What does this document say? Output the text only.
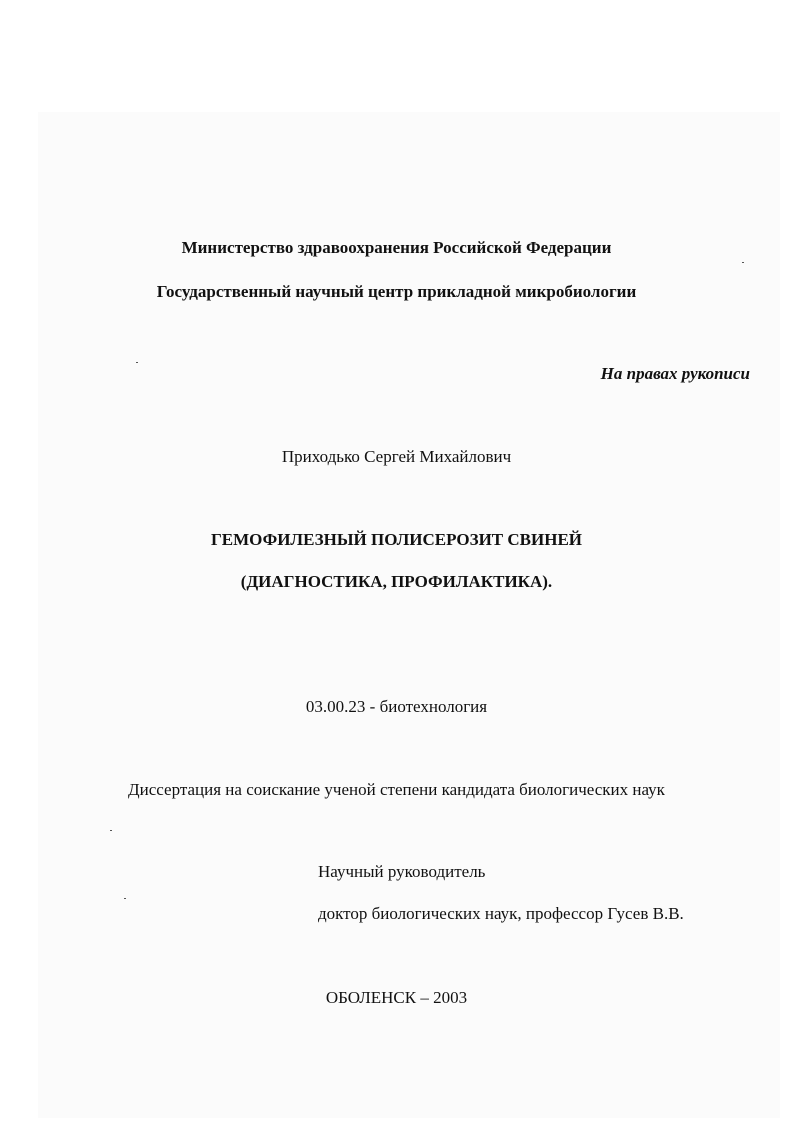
Министерство здравоохранения Российской Федерации
Государственный научный центр прикладной микробиологии
На правах рукописи
Приходько Сергей Михайлович
ГЕМОФИЛЕЗНЫЙ ПОЛИСЕРОЗИТ СВИНЕЙ
(ДИАГНОСТИКА, ПРОФИЛАКТИКА).
03.00.23 - биотехнология
Диссертация на соискание ученой степени кандидата биологических наук
Научный руководитель
доктор биологических наук, профессор Гусев В.В.
ОБОЛЕНСК – 2003
